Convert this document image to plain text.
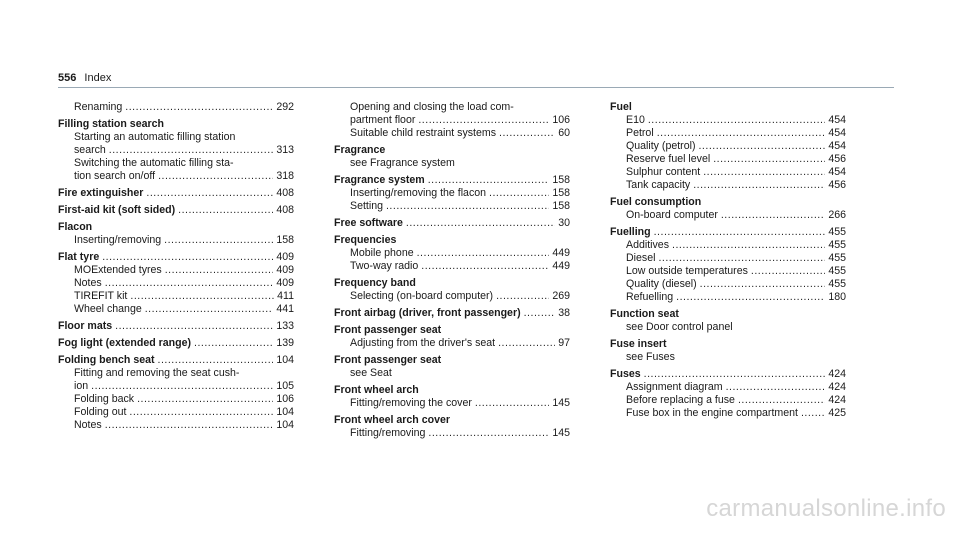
556 Index
Renaming .....	292
Filling station search
Starting an automatic filling station
search .....	313
Switching the automatic filling sta-
tion search on/off .....	318
Fire extinguisher .....	408
First-aid kit (soft sided) .....	408
Flacon
Inserting/removing .....	158
Flat tyre .....	409
MOExtended tyres .....	409
Notes .....	409
TIREFIT kit .....	411
Wheel change .....	441
Floor mats .....	133
Fog light (extended range) .....	139
Folding bench seat .....	104
Fitting and removing the seat cush-
ion .....	105
Folding back .....	106
Folding out .....	104
Notes .....	104
Opening and closing the load com-
partment floor .....	106
Suitable child restraint systems .....	60
Fragrance
see Fragrance system
Fragrance system .....	158
Inserting/removing the flacon .....	158
Setting .....	158
Free software .....	30
Frequencies
Mobile phone .....	449
Two-way radio .....	449
Frequency band
Selecting (on-board computer) .....	269
Front airbag (driver, front passenger) .....	38
Front passenger seat
Adjusting from the driver's seat .....	97
Front passenger seat
see Seat
Front wheel arch
Fitting/removing the cover .....	145
Front wheel arch cover
Fitting/removing .....	145
Fuel
E10 .....	454
Petrol .....	454
Quality (petrol) .....	454
Reserve fuel level .....	456
Sulphur content .....	454
Tank capacity .....	456
Fuel consumption
On-board computer .....	266
Fuelling .....	455
Additives .....	455
Diesel .....	455
Low outside temperatures .....	455
Quality (diesel) .....	455
Refuelling .....	180
Function seat
see Door control panel
Fuse insert
see Fuses
Fuses .....	424
Assignment diagram .....	424
Before replacing a fuse .....	424
Fuse box in the engine compartment .....	425
carmanualsonline.info
